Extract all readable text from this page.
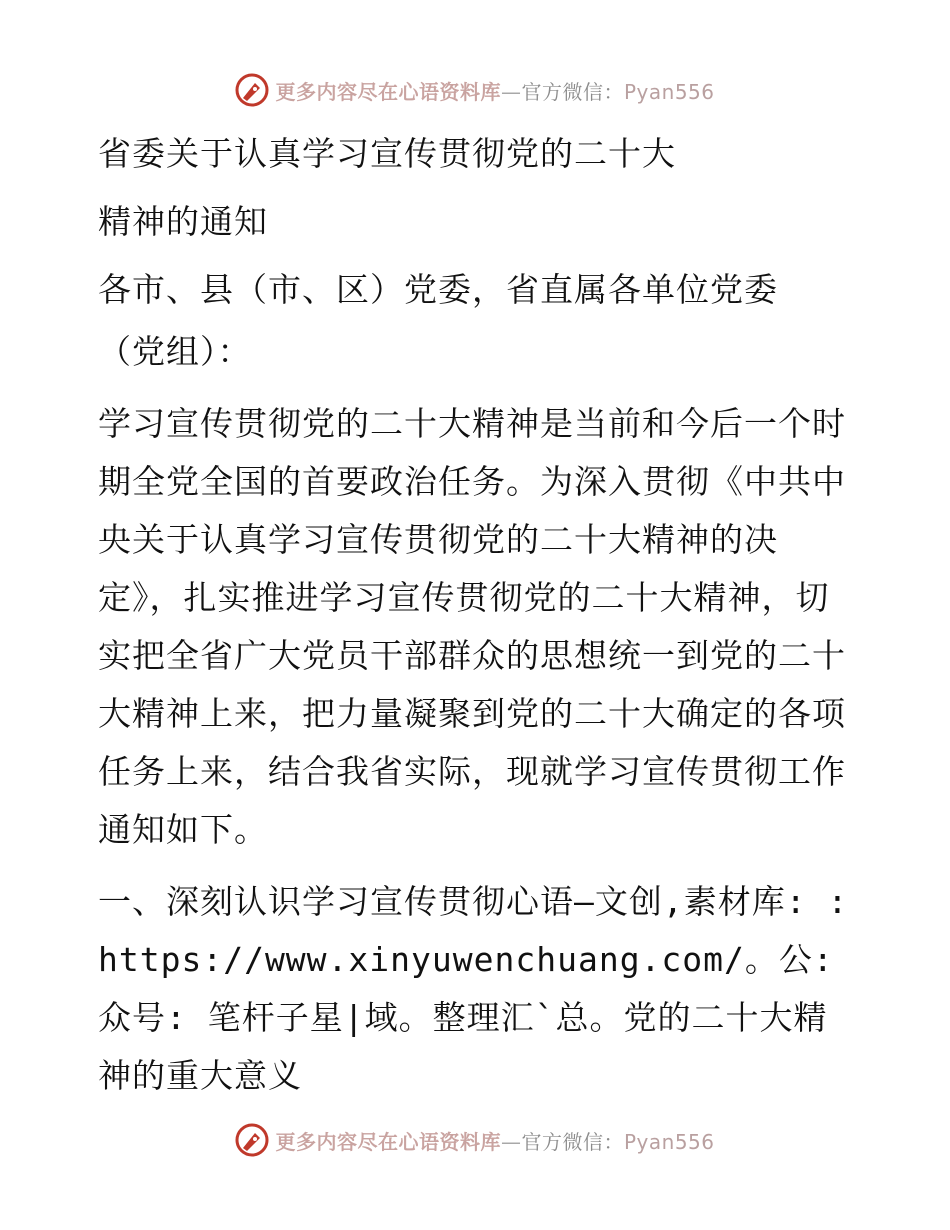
更多内容尽在心语资料库—官方微信：Pyan556

省委关于认真学习宣传贯彻党的二十大

精神的通知

各市、县（市、区）党委，省直属各单位党委

（党组）：

学习宣传贯彻党的二十大精神是当前和今后一个时期全党全国的首要政治任务。为深入贯彻《中共中央关于认真学习宣传贯彻党的二十大精神的决定》，扎实推进学习宣传贯彻党的二十大精神，切实把全省广大党员干部群众的思想统一到党的二十大精神上来，把力量凝聚到党的二十大确定的各项任务上来，结合我省实际，现就学习宣传贯彻工作通知如下。

一、深刻认识学习宣传贯彻心语—文创,素材库: :https://www.xinyuwenchuang.com/。公:众号: 笔杆子星|域。整理汇`总。党的二十大精神的重大意义

更多内容尽在心语资料库—官方微信：Pyan556
